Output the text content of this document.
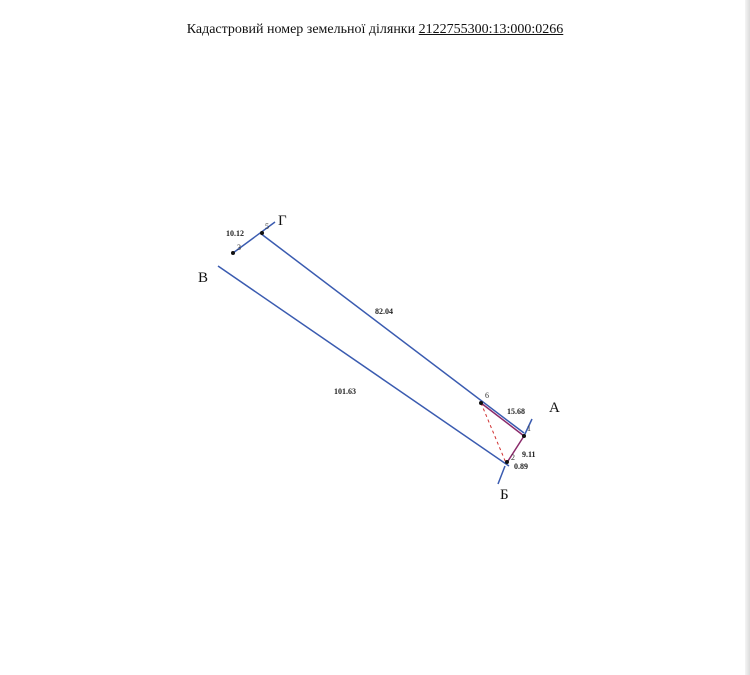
Кадастровий номер земельної ділянки 2122755300:13:000:0266
Г
В
А
Б
10.12
82.04
101.63
15.68
9.11
0.89
6
1
2
3
5
